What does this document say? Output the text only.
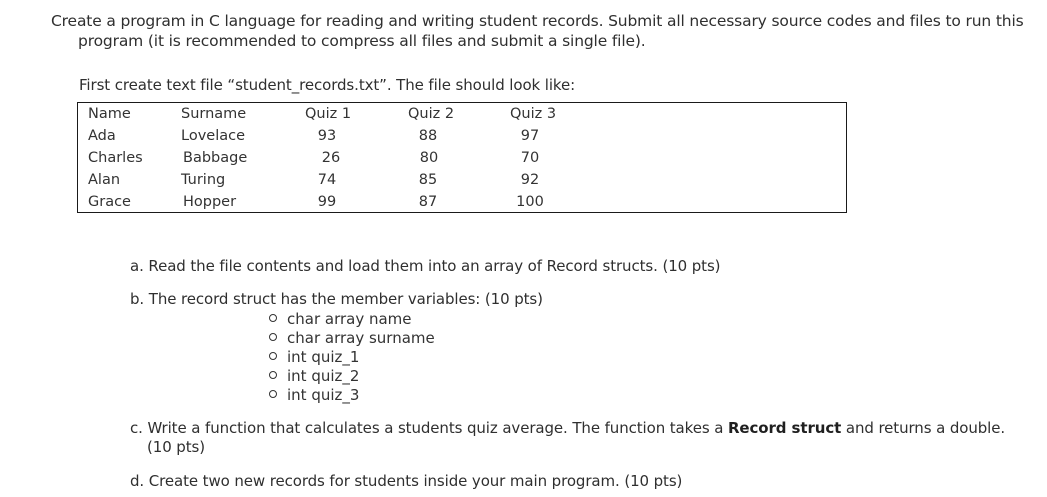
Create a program in C language for reading and writing student records. Submit all necessary source codes and files to run this
program (it is recommended to compress all files and submit a single file).
First create text file “student_records.txt”. The file should look like:
Name	Surname	Quiz 1	Quiz 2	Quiz 3
Ada	Lovelace	93	88	97
Charles	Babbage	26	80	70
Alan	Turing	74	85	92
Grace	Hopper	99	87	100
a. Read the file contents and load them into an array of Record structs. (10 pts)
b. The record struct has the member variables: (10 pts)
char array name
char array surname
int quiz_1
int quiz_2
int quiz_3
c. Write a function that calculates a students quiz average. The function takes a Record struct and returns a double.
(10 pts)
d. Create two new records for students inside your main program. (10 pts)
